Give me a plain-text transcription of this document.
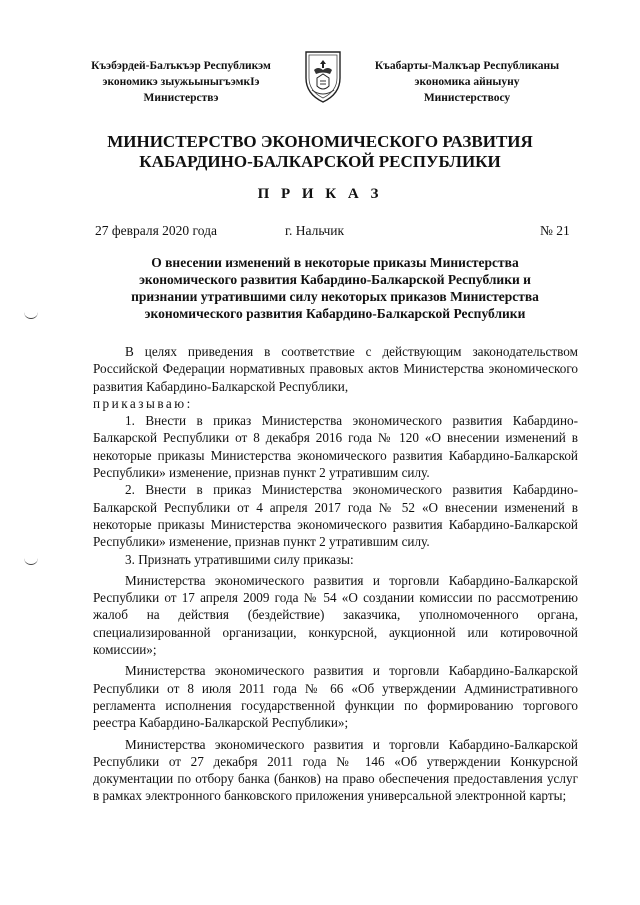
Къэбэрдей-Балъкъэр Республикэм
экономикэ зыужьыныгъэмкIэ
Министерствэ
Къабарты-Малкъар Республиканы
экономика айныуну
Министерствосу
МИНИСТЕРСТВО ЭКОНОМИЧЕСКОГО РАЗВИТИЯ
КАБАРДИНО-БАЛКАРСКОЙ РЕСПУБЛИКИ
П Р И К А З
27 февраля 2020 года	г. Нальчик	№ 21
О внесении изменений в некоторые приказы Министерства
экономического развития Кабардино-Балкарской Республики и
признании утратившими силу некоторых приказов Министерства
экономического развития Кабардино-Балкарской Республики

В целях приведения в соответствие с действующим законодательством Российской Федерации нормативных правовых актов Министерства экономического развития Кабардино-Балкарской Республики,

приказываю:

1. Внести в приказ Министерства экономического развития Кабардино-Балкарской Республики от 8 декабря 2016 года № 120 «О внесении изменений в некоторые приказы Министерства экономического развития Кабардино-Балкарской Республики» изменение, признав пункт 2 утратившим силу.

2. Внести в приказ Министерства экономического развития Кабардино-Балкарской Республики от 4 апреля 2017 года № 52 «О внесении изменений в некоторые приказы Министерства экономического развития Кабардино-Балкарской Республики» изменение, признав пункт 2 утратившим силу.

3. Признать утратившими силу приказы:

Министерства экономического развития и торговли Кабардино-Балкарской Республики от 17 апреля 2009 года № 54 «О создании комиссии по рассмотрению жалоб на действия (бездействие) заказчика, уполномоченного органа, специализированной организации, конкурсной, аукционной или котировочной комиссии»;

Министерства экономического развития и торговли Кабардино-Балкарской Республики от 8 июля 2011 года № 66 «Об утверждении Административного регламента исполнения государственной функции по формированию торгового реестра Кабардино-Балкарской Республики»;

Министерства экономического развития и торговли Кабардино-Балкарской Республики от 27 декабря 2011 года № 146 «Об утверждении Конкурсной документации по отбору банка (банков) на право обеспечения предоставления услуг в рамках электронного банковского приложения универсальной электронной карты;
